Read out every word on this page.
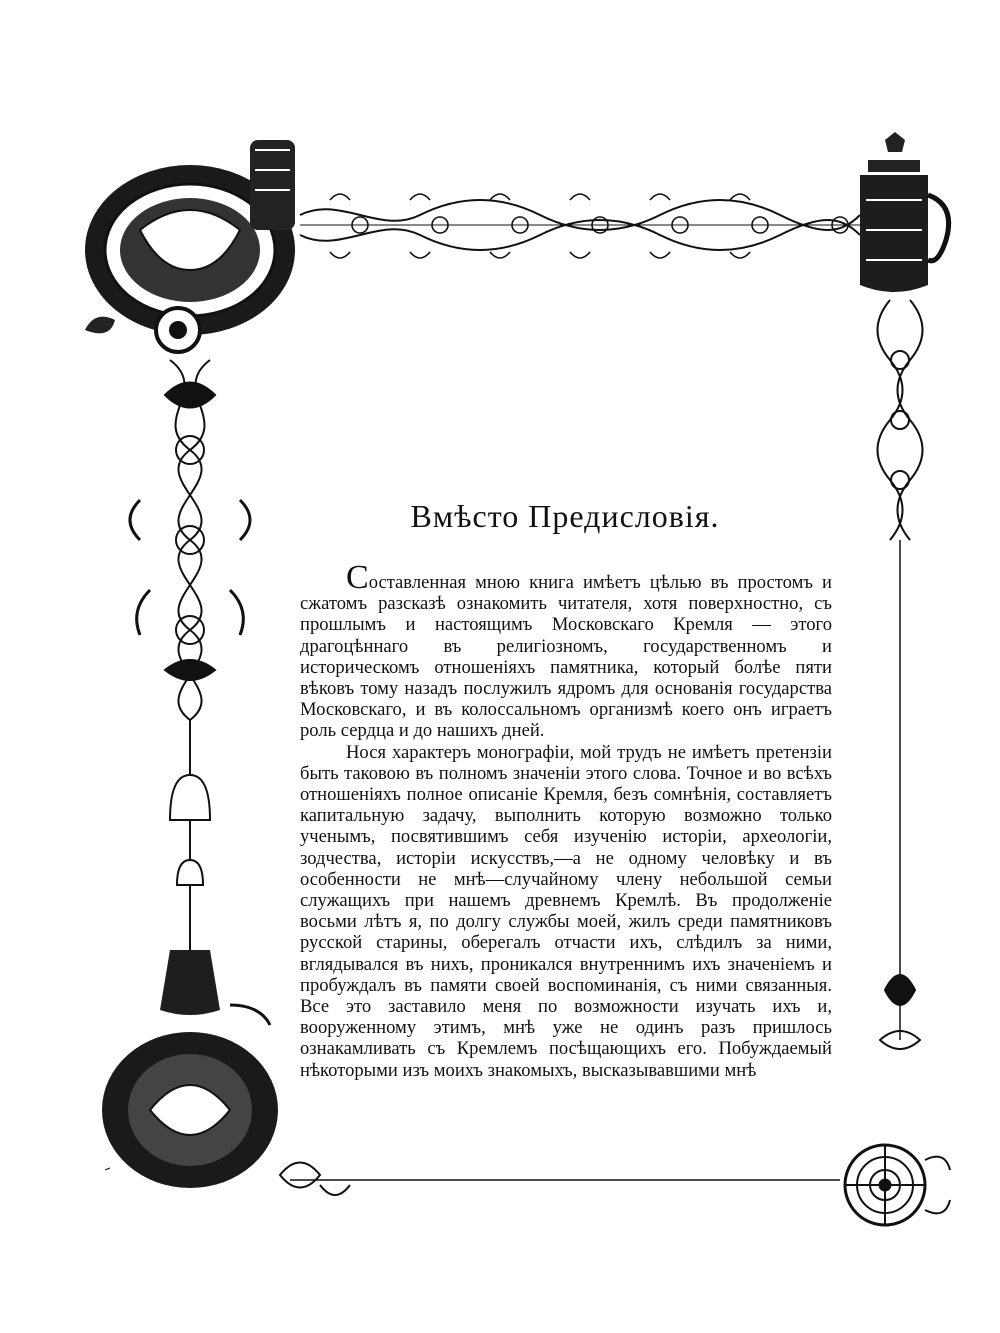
Вмѣсто Предисловія.

Составленная мною книга имѣетъ цѣлью въ простомъ и сжатомъ разсказѣ ознакомить читателя, хотя поверхностно, съ прошлымъ и настоящимъ Московскаго Кремля — этого драгоцѣннаго въ религіозномъ, государственномъ и историческомъ отношеніяхъ памятника, который болѣе пяти вѣковъ тому назадъ послужилъ ядромъ для основанія государства Московскаго, и въ колоссальномъ организмѣ коего онъ играетъ роль сердца и до нашихъ дней.

Нося характеръ монографіи, мой трудъ не имѣетъ претензіи быть таковою въ полномъ значеніи этого слова. Точное и во всѣхъ отношеніяхъ полное описаніе Кремля, безъ сомнѣнія, составляетъ капитальную задачу, выполнить которую возможно только ученымъ, посвятившимъ себя изученію исторіи, археологіи, зодчества, исторіи искусствъ,—а не одному человѣку и въ особенности не мнѣ—случайному члену небольшой семьи служащихъ при нашемъ древнемъ Кремлѣ. Въ продолженіе восьми лѣтъ я, по долгу службы моей, жилъ среди памятниковъ русской старины, оберегалъ отчасти ихъ, слѣдилъ за ними, вглядывался въ нихъ, проникался внутреннимъ ихъ значеніемъ и пробуждалъ въ памяти своей воспоминанія, съ ними связанныя. Все это заставило меня по возможности изучать ихъ и, вооруженному этимъ, мнѣ уже не одинъ разъ пришлось ознакамливать съ Кремлемъ посѣщающихъ его. Побуждаемый нѣкоторыми изъ моихъ знакомыхъ, высказывавшими мнѣ
